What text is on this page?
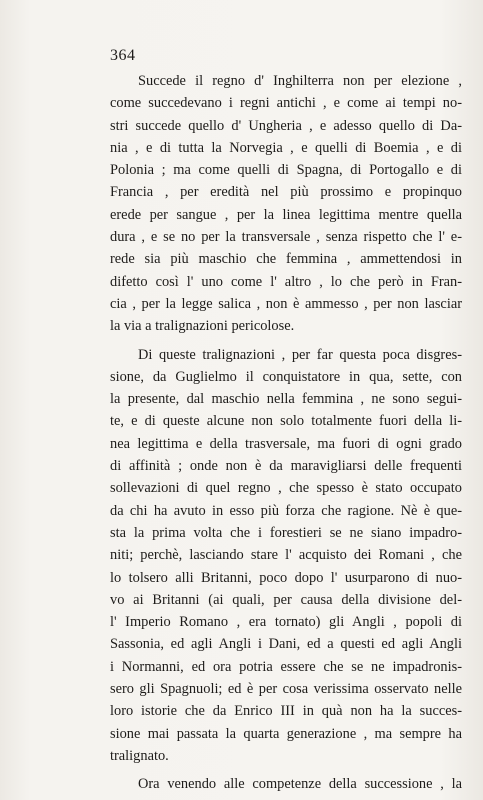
364
Succede il regno d' Inghilterra non per elezione ,
come succedevano i regni antichi , e come ai tempi no-
stri succede quello d' Ungheria , e adesso quello di Da-
nia , e di tutta la Norvegia , e quelli di Boemia , e di
Polonia ; ma come quelli di Spagna, di Portogallo e di
Francia , per eredità nel più prossimo e propinquo
erede per sangue , per la linea legittima mentre quella
dura , e se no per la transversale , senza rispetto che l' e-
rede sia più maschio che femmina , ammettendosi in
difetto così l' uno come l' altro , lo che però in Fran-
cia , per la legge salica , non è ammesso , per non lasciar
la via a tralignazioni pericolose.
Di queste tralignazioni , per far questa poca disgres-
sione, da Guglielmo il conquistatore in qua, sette, con
la presente, dal maschio nella femmina , ne sono segui-
te, e di queste alcune non solo totalmente fuori della li-
nea legittima e della trasversale, ma fuori di ogni grado
di affinità ; onde non è da maravigliarsi delle frequenti
sollevazioni di quel regno , che spesso è stato occupato
da chi ha avuto in esso più forza che ragione. Nè è que-
sta la prima volta che i forestieri se ne siano impadro-
niti; perchè, lasciando stare l' acquisto dei Romani , che
lo tolsero alli Britanni, poco dopo l' usurparono di nuo-
vo ai Britanni (ai quali, per causa della divisione del-
l' Imperio Romano , era tornato) gli Angli , popoli di
Sassonia, ed agli Angli i Dani, ed a questi ed agli Angli
i Normanni, ed ora potria essere che se ne impadronis-
sero gli Spagnuoli; ed è per cosa verissima osservato nelle
loro istorie che da Enrico III in quà non ha la succes-
sione mai passata la quarta generazione , ma sempre ha
tralignato.
Ora venendo alle competenze della successione , la
